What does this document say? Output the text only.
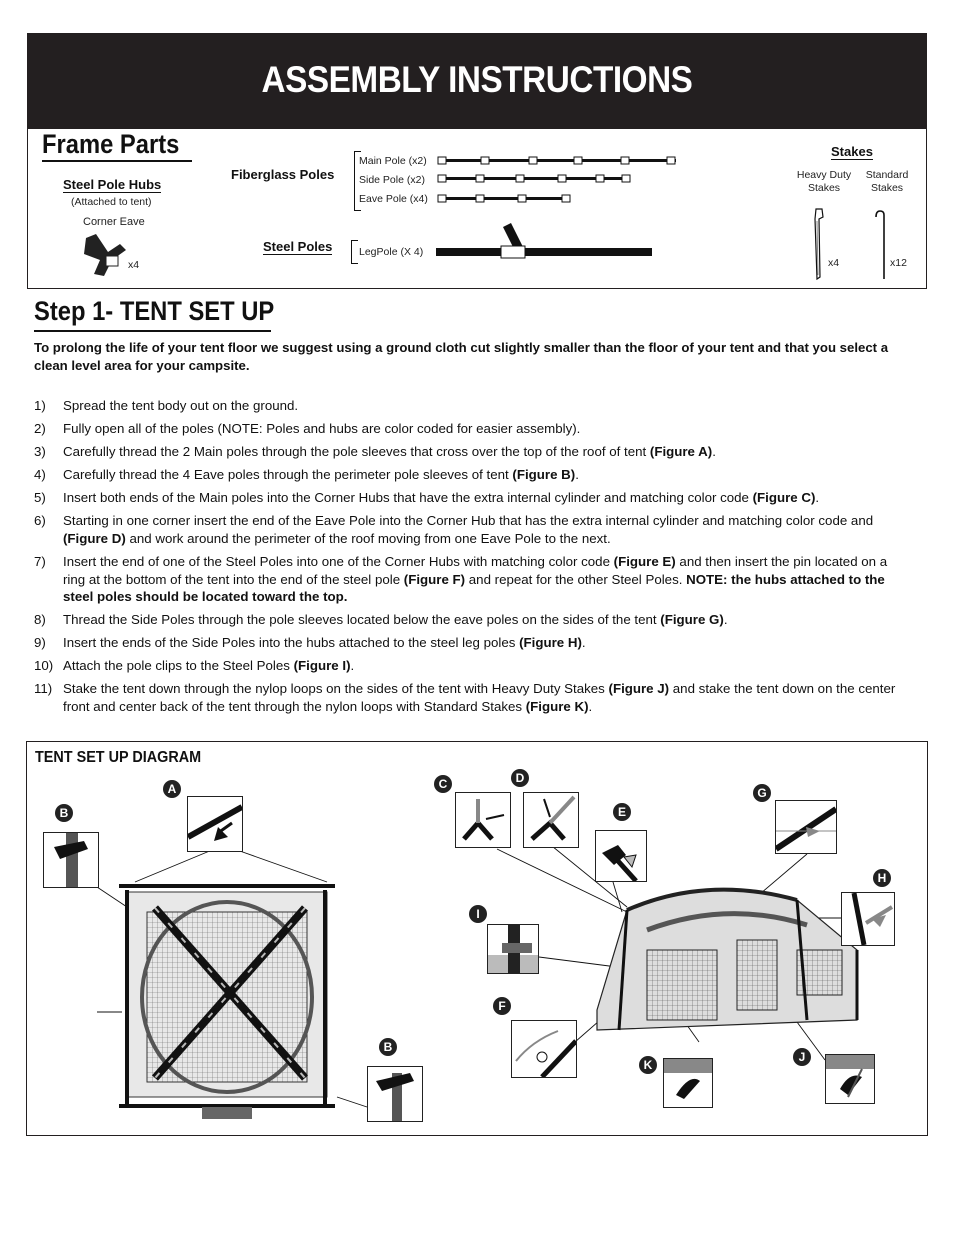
ASSEMBLY INSTRUCTIONS
Frame Parts
Steel Pole Hubs
(Attached to tent)
Corner Eave
x4
Fiberglass Poles
Main Pole (x2)
Side Pole (x2)
Eave Pole (x4)
Steel Poles	LegPole (X 4)
Stakes
Heavy Duty
Stakes
Standard
Stakes
x4	x12
Step 1- TENT SET UP
To prolong the life of your tent floor we suggest using a ground cloth cut slightly smaller than the floor of your tent and that you select a clean level area for your campsite.
1) Spread the tent body out on the ground.
2) Fully open all of the poles (NOTE: Poles and hubs are color coded for easier assembly).
3) Carefully thread the 2 Main poles through the pole sleeves that cross over the top of the roof of tent (Figure A).
4) Carefully thread the 4 Eave poles through the perimeter pole sleeves of tent (Figure B).
5) Insert both ends of the Main poles into the Corner Hubs that have the extra internal cylinder and matching color code (Figure C).
6) Starting in one corner insert the end of the Eave Pole into the Corner Hub that has the extra internal cylinder and matching color code and (Figure D) and work around the perimeter of the roof moving from one Eave Pole to the next.
7) Insert the end of one of the Steel Poles into one of the Corner Hubs with matching color code (Figure E) and then insert the pin located on a ring at the bottom of the tent into the end of the steel pole (Figure F) and repeat for the other Steel Poles. NOTE: the hubs attached to the steel poles should be located toward the top.
8) Thread the Side Poles through the pole sleeves located below the eave poles on the sides of the tent (Figure G).
9) Insert the ends of the Side Poles into the hubs attached to the steel leg poles (Figure H).
10) Attach the pole clips to the Steel Poles (Figure I).
11) Stake the tent down through the nylop loops on the sides of the tent with Heavy Duty Stakes (Figure J) and stake the tent down on the center front and center back of the tent through the nylon loops with Standard Stakes (Figure K).
TENT SET UP DIAGRAM
A
B
B
C	D
E
G
H
I
F
K
J
